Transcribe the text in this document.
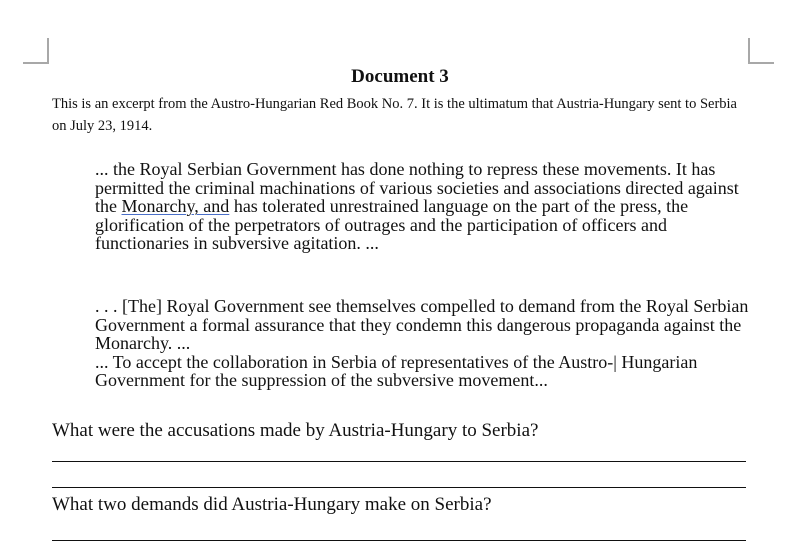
Document 3
This is an excerpt from the Austro-Hungarian Red Book No. 7. It is the ultimatum that Austria-Hungary sent to Serbia on July 23, 1914.

... the Royal Serbian Government has done nothing to repress these movements. It has permitted the criminal machinations of various societies and associations directed against the Monarchy, and has tolerated unrestrained language on the part of the press, the glorification of the perpetrators of outrages and the participation of officers and functionaries in subversive agitation. ...

. . . [The] Royal Government see themselves compelled to demand from the Royal Serbian Government a formal assurance that they condemn this dangerous propaganda against the Monarchy. ...

... To accept the collaboration in Serbia of representatives of the Austro-| Hungarian Government for the suppression of the subversive movement...

What were the accusations made by Austria-Hungary to Serbia?
What two demands did Austria-Hungary make on Serbia?
